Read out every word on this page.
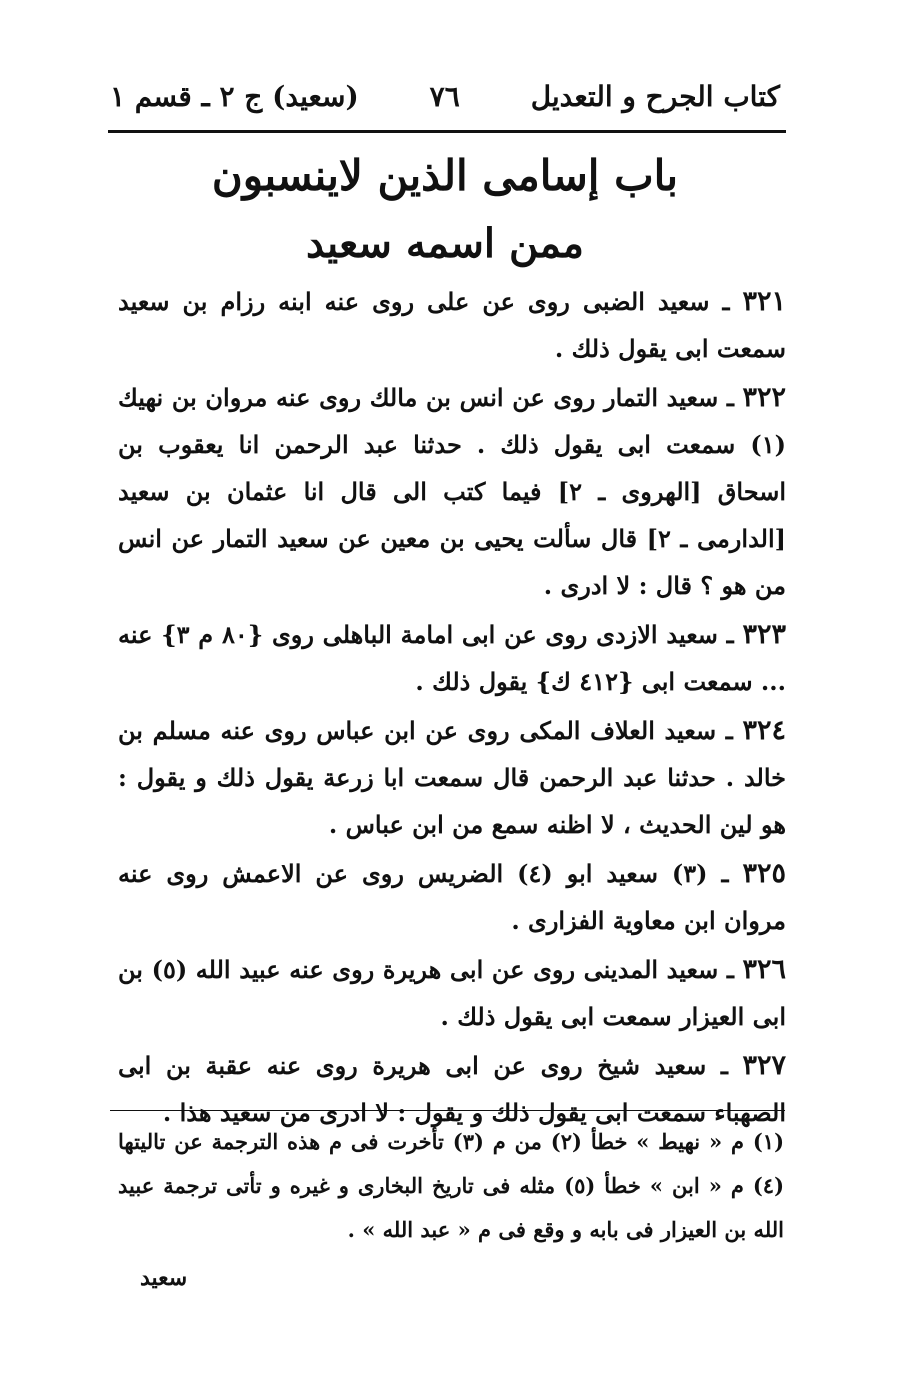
كتاب الجرح و التعديل
٧٦
(سعيد) ج ٢ ـ قسم ١
باب إسامى الذين لاينسبون
ممن اسمه سعيد
٣٢١ ـ سعيد الضبى روى عن على روى عنه ابنه رزام بن سعيد سمعت ابى يقول ذلك .
٣٢٢ ـ سعيد التمار روى عن انس بن مالك روى عنه مروان بن نهيك (١) سمعت ابى يقول ذلك . حدثنا عبد الرحمن انا يعقوب بن اسحاق [الهروى ـ ٢] فيما كتب الى قال انا عثمان بن سعيد [الدارمى ـ ٢] قال سألت يحيى بن معين عن سعيد التمار عن انس من هو ؟ قال : لا ادرى .
٣٢٣ ـ سعيد الازدى روى عن ابى امامة الباهلى روى {٨٠ م ٣} عنه ... سمعت ابى {٤١٢ ك} يقول ذلك .
٣٢٤ ـ سعيد العلاف المكى روى عن ابن عباس روى عنه مسلم بن خالد . حدثنا عبد الرحمن قال سمعت ابا زرعة يقول ذلك و يقول : هو لين الحديث ، لا اظنه سمع من ابن عباس .
٣٢٥ ـ (٣) سعيد ابو (٤) الضريس روى عن الاعمش روى عنه مروان ابن معاوية الفزارى .
٣٢٦ ـ سعيد المدينى روى عن ابى هريرة روى عنه عبيد الله (٥) بن ابى العيزار سمعت ابى يقول ذلك .
٣٢٧ ـ سعيد شيخ روى عن ابى هريرة روى عنه عقبة بن ابى الصهباء سمعت ابى يقول ذلك و يقول : لا ادرى من سعيد هذا .
(١) م « نهيط » خطأ (٢) من م (٣) تأخرت فى م هذه الترجمة عن تاليتها (٤) م « ابن » خطأ (٥) مثله فى تاريخ البخارى و غيره و تأتى ترجمة عبيد الله بن العيزار فى بابه و وقع فى م « عبد الله » .
سعيد
